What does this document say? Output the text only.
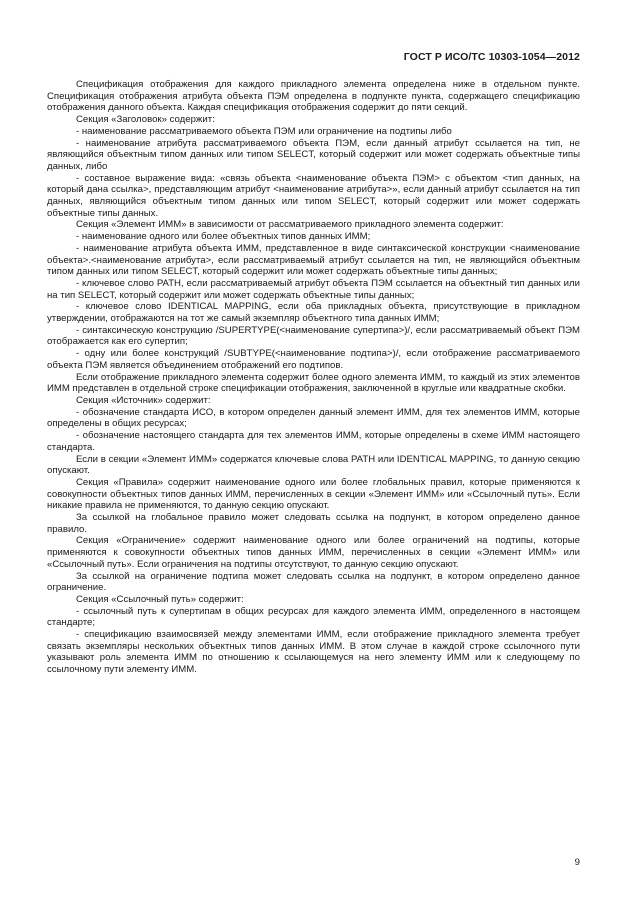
ГОСТ Р ИСО/ТС 10303-1054—2012

Спецификация отображения для каждого прикладного элемента определена ниже в отдельном пункте. Спецификация отображения атрибута объекта ПЭМ определена в подпункте пункта, содержащего спецификацию отображения данного объекта. Каждая спецификация отображения содержит до пяти секций.

Секция «Заголовок» содержит:

- наименование рассматриваемого объекта ПЭМ или ограничение на подтипы либо

- наименование атрибута рассматриваемого объекта ПЭМ, если данный атрибут ссылается на тип, не являющийся объектным типом данных или типом SELECT, который содержит или может содержать объектные типы данных, либо

- составное выражение вида: «связь объекта <наименование объекта ПЭМ> с объектом <тип данных, на который дана ссылка>, представляющим атрибут <наименование атрибута>», если данный атрибут ссылается на тип данных, являющийся объектным типом данных или типом SELECT, который содержит или может содержать объектные типы данных.

Секция «Элемент ИММ» в зависимости от рассматриваемого прикладного элемента содержит:

- наименование одного или более объектных типов данных ИММ;

- наименование атрибута объекта ИММ, представленное в виде синтаксической конструкции <наименование объекта>.<наименование атрибута>, если рассматриваемый атрибут ссылается на тип, не являющийся объектным типом данных или типом SELECT, который содержит или может содержать объектные типы данных;

- ключевое слово PATH, если рассматриваемый атрибут объекта ПЭМ ссылается на объектный тип данных или на тип SELECT, который содержит или может содержать объектные типы данных;

- ключевое слово IDENTICAL MAPPING, если оба прикладных объекта, присутствующие в прикладном утверждении, отображаются на тот же самый экземпляр объектного типа данных ИММ;

- синтаксическую конструкцию /SUPERTYPE(<наименование супертипа>)/, если рассматриваемый объект ПЭМ отображается как его супертип;

- одну или более конструкций /SUBTYPE(<наименование подтипа>)/, если отображение рассматриваемого объекта ПЭМ является объединением отображений его подтипов.

Если отображение прикладного элемента содержит более одного элемента ИММ, то каждый из этих элементов ИММ представлен в отдельной строке спецификации отображения, заключенной в круглые или квадратные скобки.

Секция «Источник» содержит:

- обозначение стандарта ИСО, в котором определен данный элемент ИММ, для тех элементов ИММ, которые определены в общих ресурсах;

- обозначение настоящего стандарта для тех элементов ИММ, которые определены в схеме ИММ настоящего стандарта.

Если в секции «Элемент ИММ» содержатся ключевые слова PATH или IDENTICAL MAPPING, то данную секцию опускают.

Секция «Правила» содержит наименование одного или более глобальных правил, которые применяются к совокупности объектных типов данных ИММ, перечисленных в секции «Элемент ИММ» или «Ссылочный путь». Если никакие правила не применяются, то данную секцию опускают.

За ссылкой на глобальное правило может следовать ссылка на подпункт, в котором определено данное правило.

Секция «Ограничение» содержит наименование одного или более ограничений на подтипы, которые применяются к совокупности объектных типов данных ИММ, перечисленных в секции «Элемент ИММ» или «Ссылочный путь». Если ограничения на подтипы отсутствуют, то данную секцию опускают.

За ссылкой на ограничение подтипа может следовать ссылка на подпункт, в котором определено данное ограничение.

Секция «Ссылочный путь» содержит:

- ссылочный путь к супертипам в общих ресурсах для каждого элемента ИММ, определенного в настоящем стандарте;

- спецификацию взаимосвязей между элементами ИММ, если отображение прикладного элемента требует связать экземпляры нескольких объектных типов данных ИММ. В этом случае в каждой строке ссылочного пути указывают роль элемента ИММ по отношению к ссылающемуся на него элементу ИММ или к следующему по ссылочному пути элементу ИММ.

9
